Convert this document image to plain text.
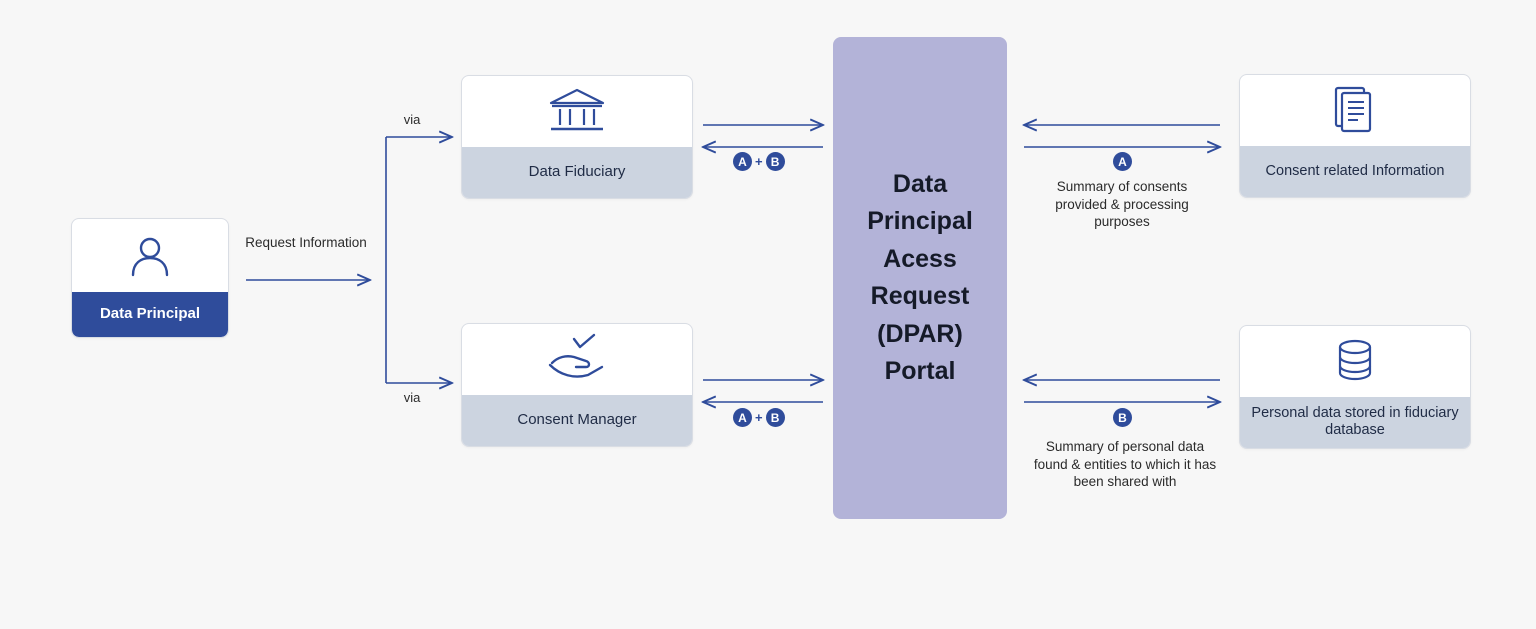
Data Principal
Data Fiduciary
Consent Manager
Data Principal Acess Request (DPAR) Portal
Consent related Information
Personal data stored in fiduciary database
Request Information
via
via
Summary of consents provided & processing purposes
Summary of personal data found & entities to which it has been shared with
A + B
A + B
A
B
